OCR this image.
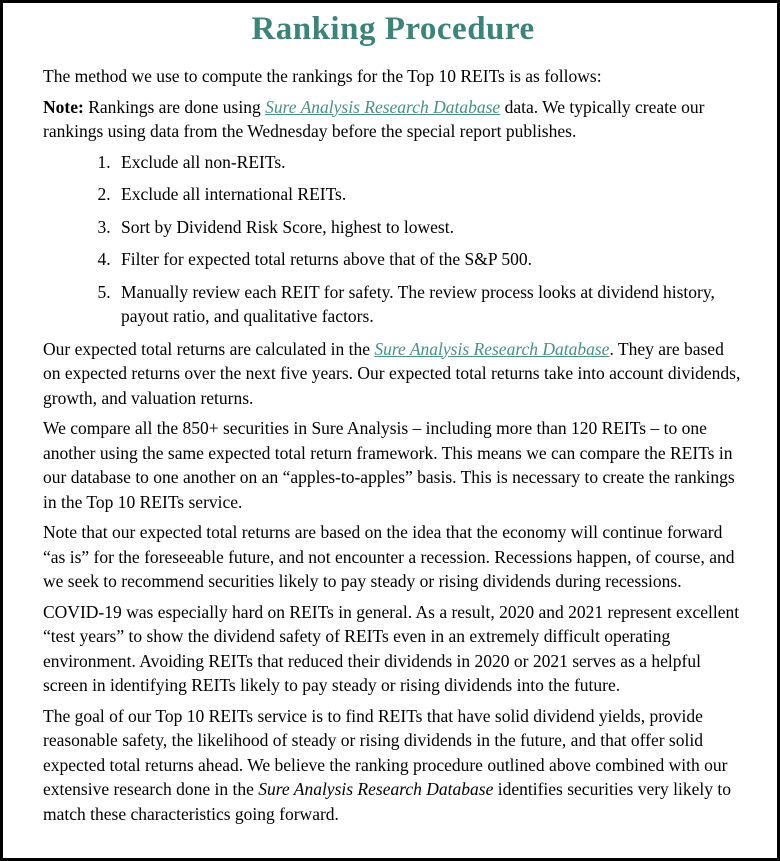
Ranking Procedure

The method we use to compute the rankings for the Top 10 REITs is as follows:

Note: Rankings are done using Sure Analysis Research Database data. We typically create our rankings using data from the Wednesday before the special report publishes.

1. Exclude all non-REITs.
2. Exclude all international REITs.
3. Sort by Dividend Risk Score, highest to lowest.
4. Filter for expected total returns above that of the S&P 500.
5. Manually review each REIT for safety. The review process looks at dividend history, payout ratio, and qualitative factors.

Our expected total returns are calculated in the Sure Analysis Research Database. They are based on expected returns over the next five years. Our expected total returns take into account dividends, growth, and valuation returns.

We compare all the 850+ securities in Sure Analysis – including more than 120 REITs – to one another using the same expected total return framework. This means we can compare the REITs in our database to one another on an “apples-to-apples” basis. This is necessary to create the rankings in the Top 10 REITs service.

Note that our expected total returns are based on the idea that the economy will continue forward “as is” for the foreseeable future, and not encounter a recession. Recessions happen, of course, and we seek to recommend securities likely to pay steady or rising dividends during recessions.

COVID-19 was especially hard on REITs in general. As a result, 2020 and 2021 represent excellent “test years” to show the dividend safety of REITs even in an extremely difficult operating environment. Avoiding REITs that reduced their dividends in 2020 or 2021 serves as a helpful screen in identifying REITs likely to pay steady or rising dividends into the future.

The goal of our Top 10 REITs service is to find REITs that have solid dividend yields, provide reasonable safety, the likelihood of steady or rising dividends in the future, and that offer solid expected total returns ahead. We believe the ranking procedure outlined above combined with our extensive research done in the Sure Analysis Research Database identifies securities very likely to match these characteristics going forward.
